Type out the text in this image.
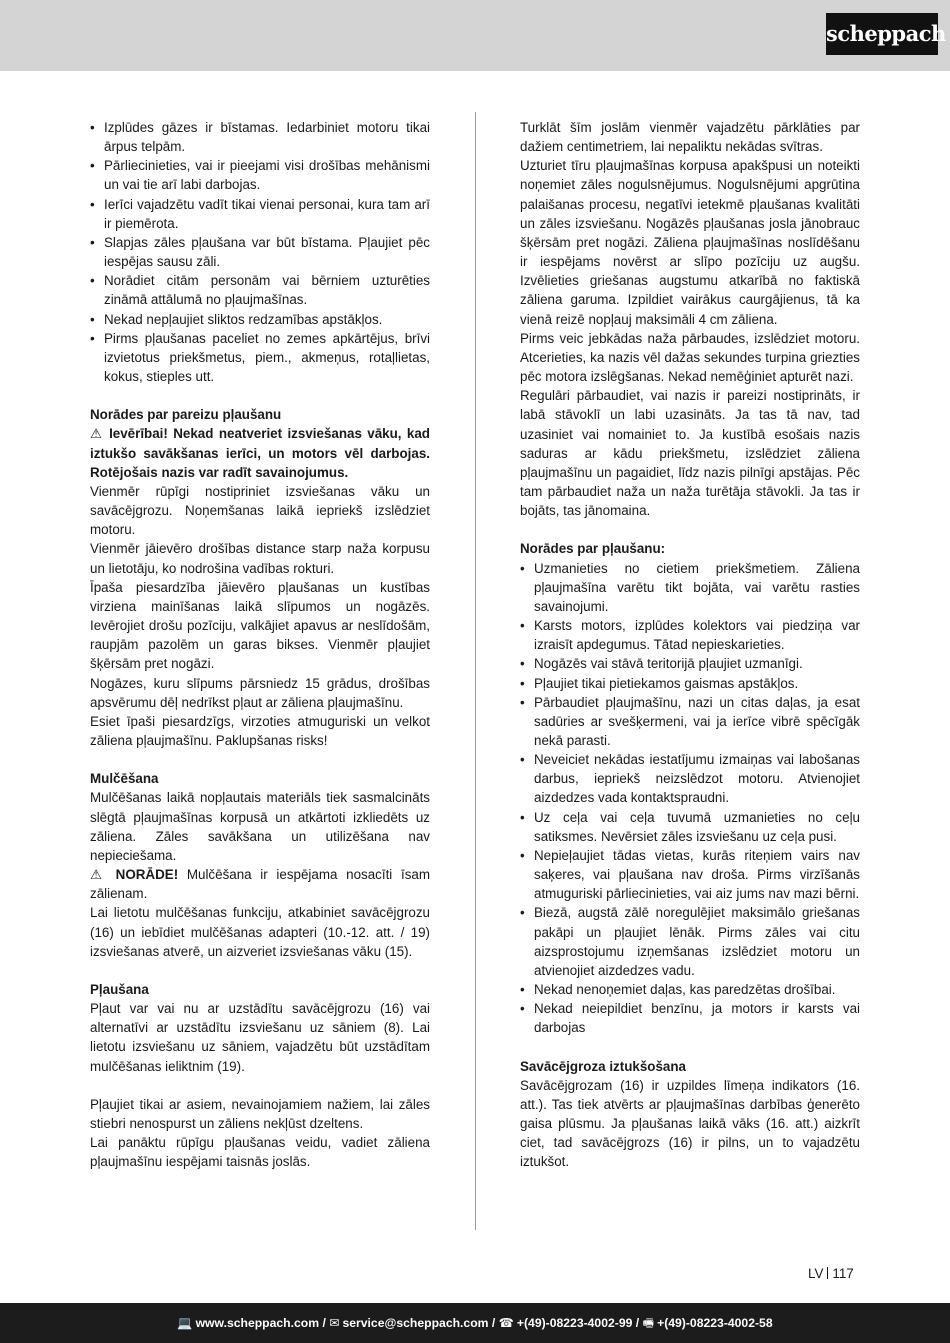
scheppach
• Izplūdes gāzes ir bīstamas. Iedarbiniet motoru tikai ārpus telpām.
• Pārliecinieties, vai ir pieejami visi drošības mehānismi un vai tie arī labi darbojas.
• Ierīci vajadzētu vadīt tikai vienai personai, kura tam arī ir piemērota.
• Slapjas zāles pļaušana var būt bīstama. Pļaujiet pēc iespējas sausu zāli.
• Norādiet citām personām vai bērniem uzturēties zināmā attālumā no pļaujmašīnas.
• Nekad nepļaujiet sliktos redzamības apstākļos.
• Pirms pļaušanas paceliet no zemes apkārtējus, brīvi izvietotus priekšmetus, piem., akmeņus, rotaļlietas, kokus, stieples utt.
Norādes par pareizu pļaušanu

⚠ Ievērībai! Nekad neatveriet izsviešanas vāku, kad iztukšo savākšanas ierīci, un motors vēl darbojas. Rotējošais nazis var radīt savainojumus.

Vienmēr rūpīgi nostipriniet izsviešanas vāku un savācējgrozu. Noņemšanas laikā iepriekš izslēdziet motoru.

Vienmēr jāievēro drošības distance starp naža korpusu un lietotāju, ko nodrošina vadības rokturi.

Īpaša piesardzība jāievēro pļaušanas un kustības virziena mainīšanas laikā slīpumos un nogāzēs. Ievērojiet drošu pozīciju, valkājiet apavus ar neslīdošām, raupjām pazolēm un garas bikses. Vienmēr pļaujiet šķērsām pret nogāzi.

Nogāzes, kuru slīpums pārsniedz 15 grādus, drošības apsvērumu dēļ nedrīkst pļaut ar zāliena pļaujmašīnu.

Esiet īpaši piesardzīgs, virzoties atmuguriski un velkot zāliena pļaujmašīnu. Paklupšanas risks!

Mulčēšana

Mulčēšanas laikā nopļautais materiāls tiek sasmalcināts slēgtā pļaujmašīnas korpusā un atkārtoti izkliedēts uz zāliena. Zāles savākšana un utilizēšana nav nepieciešama.

⚠ NORĀDE! Mulčēšana ir iespējama nosacīti īsam zālienam.

Lai lietotu mulčēšanas funkciju, atkabiniet savācējgrozu (16) un iebīdiet mulčēšanas adapteri (10.-12. att. / 19) izsviešanas atverē, un aizveriet izsviešanas vāku (15).

Pļaušana

Pļaut var vai nu ar uzstādītu savācējgrozu (16) vai alternatīvi ar uzstādītu izsviešanu uz sāniem (8). Lai lietotu izsviešanu uz sāniem, vajadzētu būt uzstādītam mulčēšanas ieliktnim (19).

Pļaujiet tikai ar asiem, nevainojamiem nažiem, lai zāles stiebri nenospurst un zāliens nekļūst dzeltens.

Lai panāktu rūpīgu pļaušanas veidu, vadiet zāliena pļaujmašīnu iespējami taisnās joslās.

Turklāt šīm joslām vienmēr vajadzētu pārklāties par dažiem centimetriem, lai nepaliktu nekādas svītras.

Uzturiet tīru pļaujmašīnas korpusa apakšpusi un noteikti noņemiet zāles nogulsnējumus. Nogulsnējumi apgrūtina palaišanas procesu, negatīvi ietekmē pļaušanas kvalitāti un zāles izsviešanu. Nogāzēs pļaušanas josla jānobrauc šķērsām pret nogāzi. Zāliena pļaujmašīnas noslīdēšanu ir iespējams novērst ar slīpo pozīciju uz augšu. Izvēlieties griešanas augstumu atkarībā no faktiskā zāliena garuma. Izpildiet vairākus caurgājienus, tā ka vienā reizē nopļauj maksimāli 4 cm zāliena.

Pirms veic jebkādas naža pārbaudes, izslēdziet motoru. Atcerieties, ka nazis vēl dažas sekundes turpina griezties pēc motora izslēgšanas. Nekad nemēģiniet apturēt nazi.

Regulāri pārbaudiet, vai nazis ir pareizi nostiprināts, ir labā stāvoklī un labi uzasināts. Ja tas tā nav, tad uzasiniet vai nomainiet to. Ja kustībā esošais nazis saduras ar kādu priekšmetu, izslēdziet zāliena pļaujmašīnu un pagaidiet, līdz nazis pilnīgi apstājas. Pēc tam pārbaudiet naža un naža turētāja stāvokli. Ja tas ir bojāts, tas jānomaina.

Norādes par pļaušanu:
• Uzmanieties no cietiem priekšmetiem. Zāliena pļaujmašīna varētu tikt bojāta, vai varētu rasties savainojumi.
• Karsts motors, izplūdes kolektors vai piedziņa var izraisīt apdegumus. Tātad nepieskarieties.
• Nogāzēs vai stāvā teritorijā pļaujiet uzmanīgi.
• Pļaujiet tikai pietiekamos gaismas apstākļos.
• Pārbaudiet pļaujmašīnu, nazi un citas daļas, ja esat sadūries ar svešķermeni, vai ja ierīce vibrē spēcīgāk nekā parasti.
• Neveiciet nekādas iestatījumu izmaiņas vai labošanas darbus, iepriekš neizslēdzot motoru. Atvienojiet aizdedzes vada kontaktspraudni.
• Uz ceļa vai ceļa tuvumā uzmanieties no ceļu satiksmes. Nevērsiet zāles izsviešanu uz ceļa pusi.
• Nepieļaujiet tādas vietas, kurās riteņiem vairs nav saķeres, vai pļaušana nav droša. Pirms virzīšanās atmuguriski pārliecinieties, vai aiz jums nav mazi bērni.
• Biezā, augstā zālē noregulējiet maksimālo griešanas pakāpi un pļaujiet lēnāk. Pirms zāles vai citu aizsprostojumu izņemšanas izslēdziet motoru un atvienojiet aizdedzes vadu.
• Nekad nenoņemiet daļas, kas paredzētas drošībai.
• Nekad neiepildiet benzīnu, ja motors ir karsts vai darbojas
Savācējgroza iztukšošana

Savācējgrozam (16) ir uzpildes līmeņa indikators (16. att.). Tas tiek atvērts ar pļaujmašīnas darbības ģenerēto gaisa plūsmu. Ja pļaušanas laikā vāks (16. att.) aizkrīt ciet, tad savācējgrozs (16) ir pilns, un to vajadzētu iztukšot.

LV 117
💻 www.scheppach.com / ✉ service@scheppach.com / ☎ +(49)-08223-4002-99 / 🖷 +(49)-08223-4002-58
